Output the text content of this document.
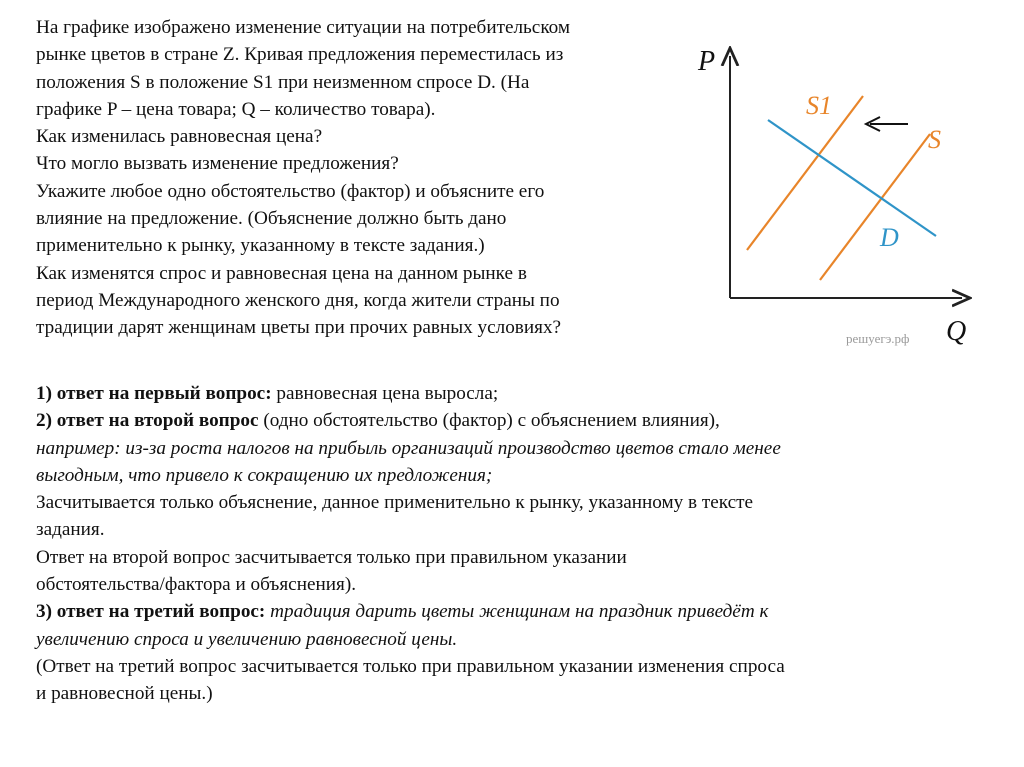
На графике изображено изменение ситуации на потребительском
рынке цветов в стране Z. Кривая предложения переместилась из
положения S в положение S1 при неизменном спросе D. (На
графике P – цена товара; Q – количество товара).
Как изменилась равновесная цена?
Что могло вызвать изменение предложения?
Укажите любое одно обстоятельство (фактор) и объясните его
влияние на предложение. (Объяснение должно быть дано
применительно к рынку, указанному в тексте задания.)
Как изменятся спрос и равновесная цена на данном рынке в
период Международного женского дня, когда жители страны по
традиции дарят женщинам цветы при прочих равных условиях?
P
Q
S1
S
D
решуегэ.рф
1) ответ на первый вопрос: равновесная цена выросла;
2) ответ на второй вопрос (одно обстоятельство (фактор) с объяснением влияния),
например: из-за роста налогов на прибыль организаций производство цветов стало менее
выгодным, что привело к сокращению их предложения;
Засчитывается только объяснение, данное применительно к рынку, указанному в тексте
задания.
Ответ на второй вопрос засчитывается только при правильном указании
обстоятельства/фактора и объяснения).
3) ответ на третий вопрос: традиция дарить цветы женщинам на праздник приведёт к
увеличению спроса и увеличению равновесной цены.
(Ответ на третий вопрос засчитывается только при правильном указании изменения спроса
и равновесной цены.)
